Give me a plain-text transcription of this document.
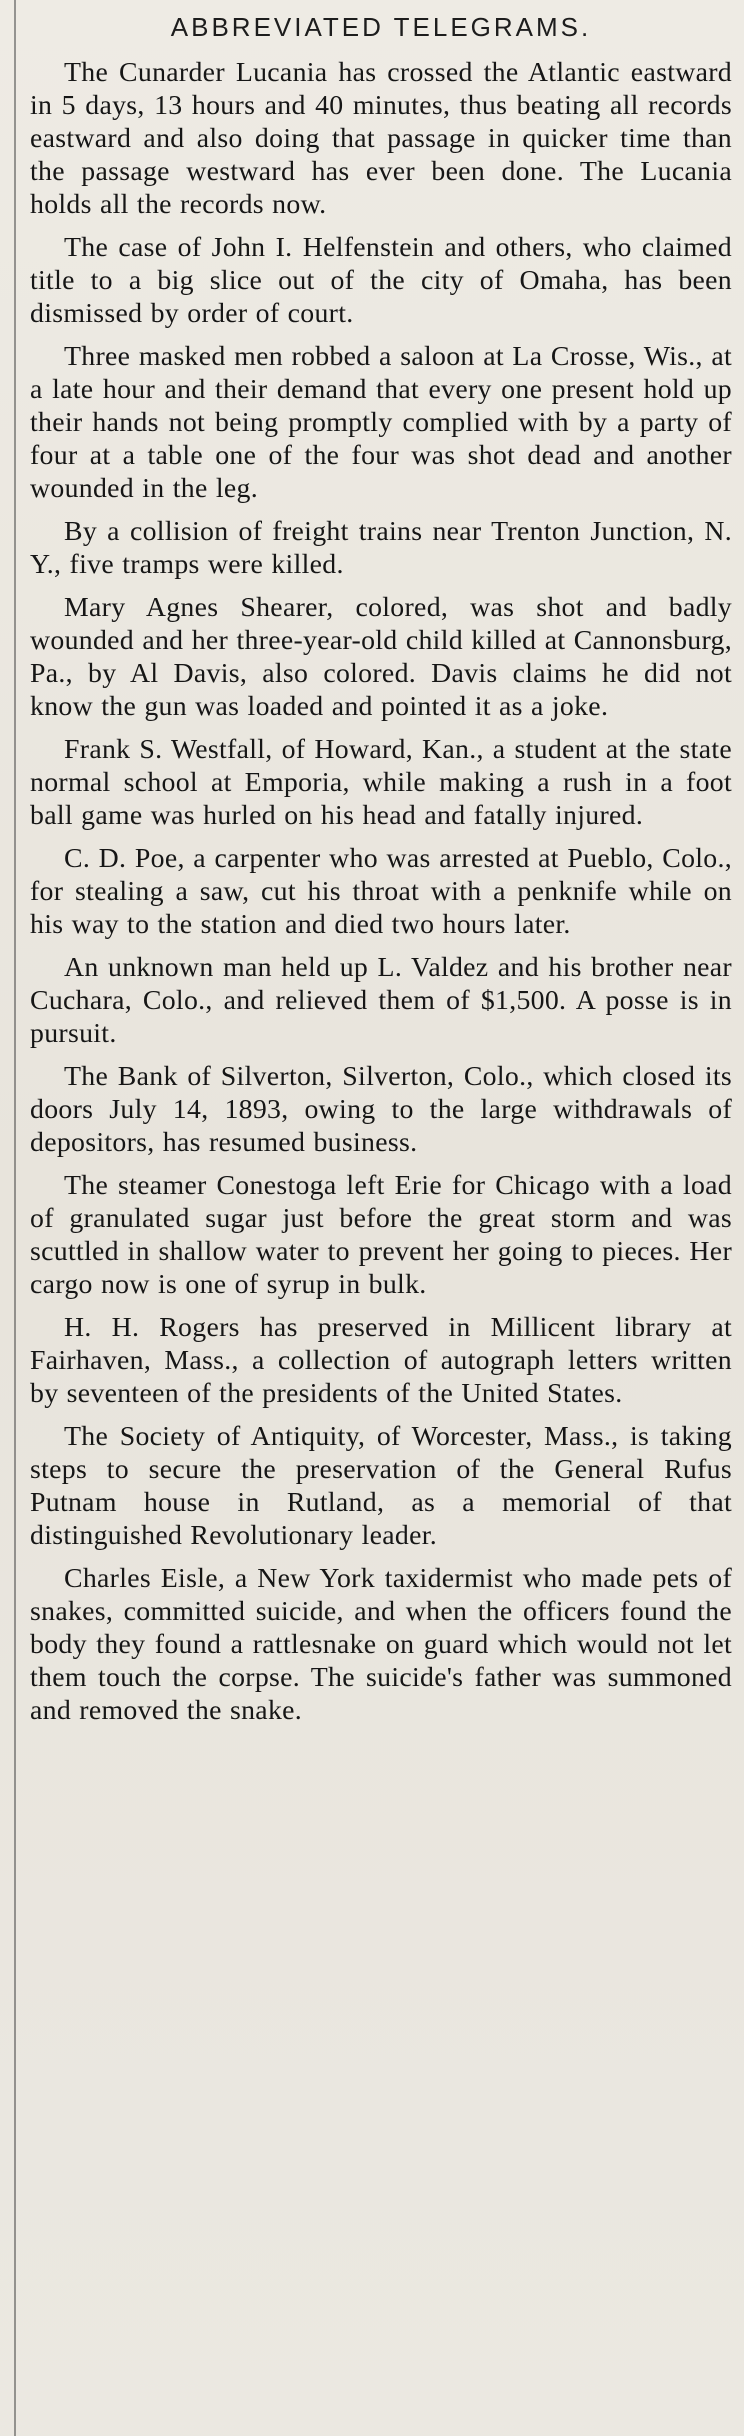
ABBREVIATED TELEGRAMS.

The Cunarder Lucania has crossed the Atlantic eastward in 5 days, 13 hours and 40 minutes, thus beating all records eastward and also doing that passage in quicker time than the passage westward has ever been done. The Lucania holds all the records now.

The case of John I. Helfenstein and others, who claimed title to a big slice out of the city of Omaha, has been dismissed by order of court.

Three masked men robbed a saloon at La Crosse, Wis., at a late hour and their demand that every one present hold up their hands not being promptly complied with by a party of four at a table one of the four was shot dead and another wounded in the leg.

By a collision of freight trains near Trenton Junction, N. Y., five tramps were killed.

Mary Agnes Shearer, colored, was shot and badly wounded and her three-year-old child killed at Cannonsburg, Pa., by Al Davis, also colored. Davis claims he did not know the gun was loaded and pointed it as a joke.

Frank S. Westfall, of Howard, Kan., a student at the state normal school at Emporia, while making a rush in a foot ball game was hurled on his head and fatally injured.

C. D. Poe, a carpenter who was arrested at Pueblo, Colo., for stealing a saw, cut his throat with a penknife while on his way to the station and died two hours later.

An unknown man held up L. Valdez and his brother near Cuchara, Colo., and relieved them of $1,500. A posse is in pursuit.

The Bank of Silverton, Silverton, Colo., which closed its doors July 14, 1893, owing to the large withdrawals of depositors, has resumed business.

The steamer Conestoga left Erie for Chicago with a load of granulated sugar just before the great storm and was scuttled in shallow water to prevent her going to pieces. Her cargo now is one of syrup in bulk.

H. H. Rogers has preserved in Millicent library at Fairhaven, Mass., a collection of autograph letters written by seventeen of the presidents of the United States.

The Society of Antiquity, of Worcester, Mass., is taking steps to secure the preservation of the General Rufus Putnam house in Rutland, as a memorial of that distinguished Revolutionary leader.

Charles Eisle, a New York taxidermist who made pets of snakes, committed suicide, and when the officers found the body they found a rattlesnake on guard which would not let them touch the corpse. The suicide's father was summoned and removed the snake.
